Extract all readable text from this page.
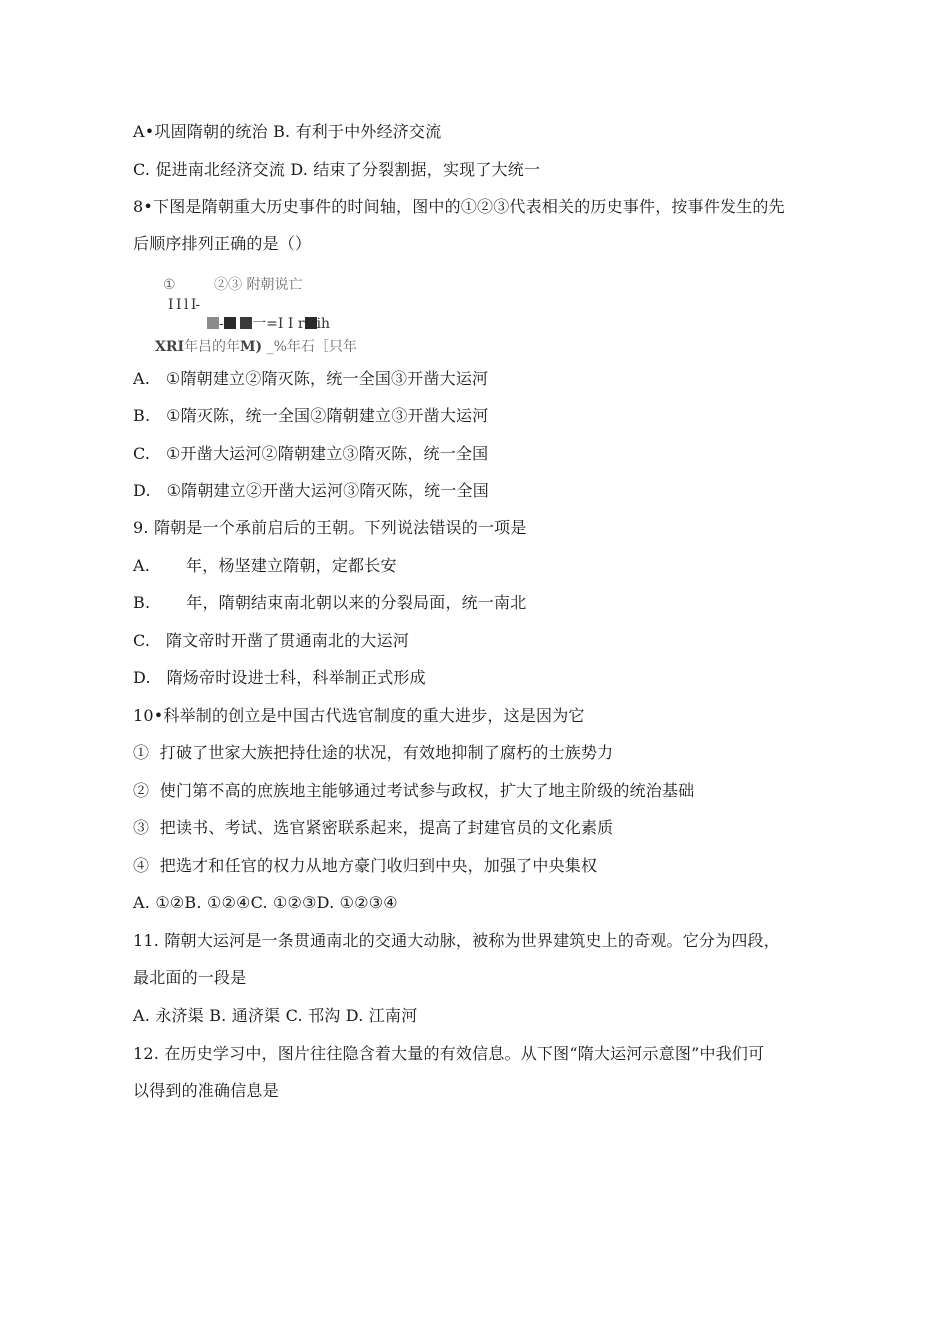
A•巩固隋朝的统治 B. 有利于中外经济交流
C. 促进南北经济交流 D. 结束了分裂割据，实现了大统一
8•下图是隋朝重大历史事件的时间轴，图中的①②③代表相关的历史事件，按事件发生的先
后顺序排列正确的是（）
①	②③ 附朝说亡
I I l I-
- 一=I I r ih
XRI年吕的年M) _%年石［只年
A.   ①隋朝建立②隋灭陈，统一全国③开凿大运河
B.   ①隋灭陈，统一全国②隋朝建立③开凿大运河
C.   ①开凿大运河②隋朝建立③隋灭陈，统一全国
D.   ①隋朝建立②开凿大运河③隋灭陈，统一全国
9. 隋朝是一个承前启后的王朝。下列说法错误的一项是
A. 年，杨坚建立隋朝，定都长安
B. 年，隋朝结束南北朝以来的分裂局面，统一南北
C.   隋文帝时开凿了贯通南北的大运河
D.   隋炀帝时设进士科，科举制正式形成
10•科举制的创立是中国古代选官制度的重大进步，这是因为它
①  打破了世家大族把持仕途的状况，有效地抑制了腐朽的士族势力
②  使门第不高的庶族地主能够通过考试参与政权，扩大了地主阶级的统治基础
③  把读书、考试、选官紧密联系起来，提高了封建官员的文化素质
④  把选才和任官的权力从地方豪门收归到中央，加强了中央集权
A. ①②B. ①②④C. ①②③D. ①②③④
11. 隋朝大运河是一条贯通南北的交通大动脉，被称为世界建筑史上的奇观。它分为四段，
最北面的一段是
A. 永济渠 B. 通济渠 C. 邗沟 D. 江南河
12. 在历史学习中，图片往往隐含着大量的有效信息。从下图“隋大运河示意图”中我们可
以得到的准确信息是
